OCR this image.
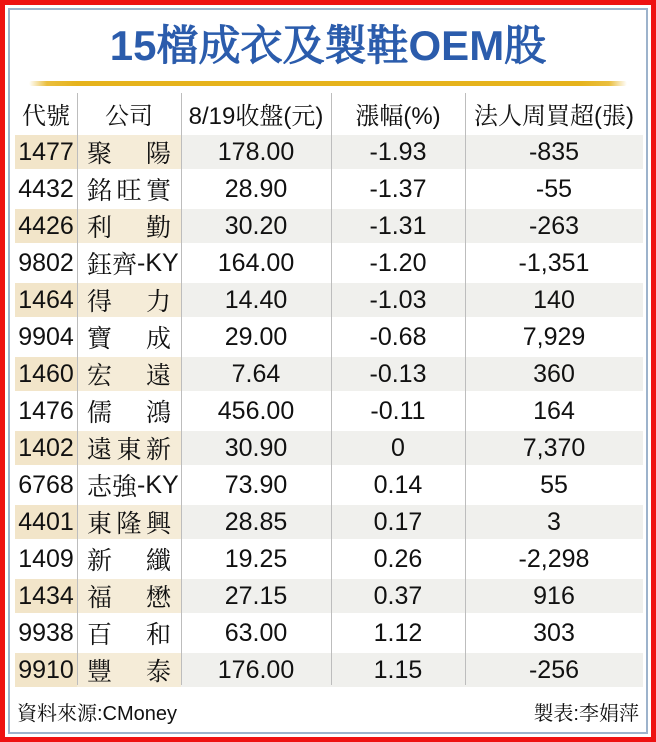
15檔成衣及製鞋OEM股
代號	公司	8/19收盤(元)	漲幅(%)	法人周買超(張)
1477 聚 陽	178.00	-1.93	-835
4432 銘 旺 實	28.90	-1.37	-55
4426 利 勤	30.20	-1.31	-263
9802 鈺 齊 - K Y	164.00	-1.20	-1,351
1464 得 力	14.40	-1.03	140
9904 寶 成	29.00	-0.68	7,929
1460 宏 遠	7.64	-0.13	360
1476 儒 鴻	456.00	-0.11	164
1402 遠 東 新	30.90	0	7,370
6768 志 強 - K Y	73.90	0.14	55
4401 東 隆 興	28.85	0.17	3
1409 新 纖	19.25	0.26	-2,298
1434 福 懋	27.15	0.37	916
9938 百 和	63.00	1.12	303
9910 豐 泰	176.00	1.15	-256
資料來源:CMoney	製表:李娟萍
